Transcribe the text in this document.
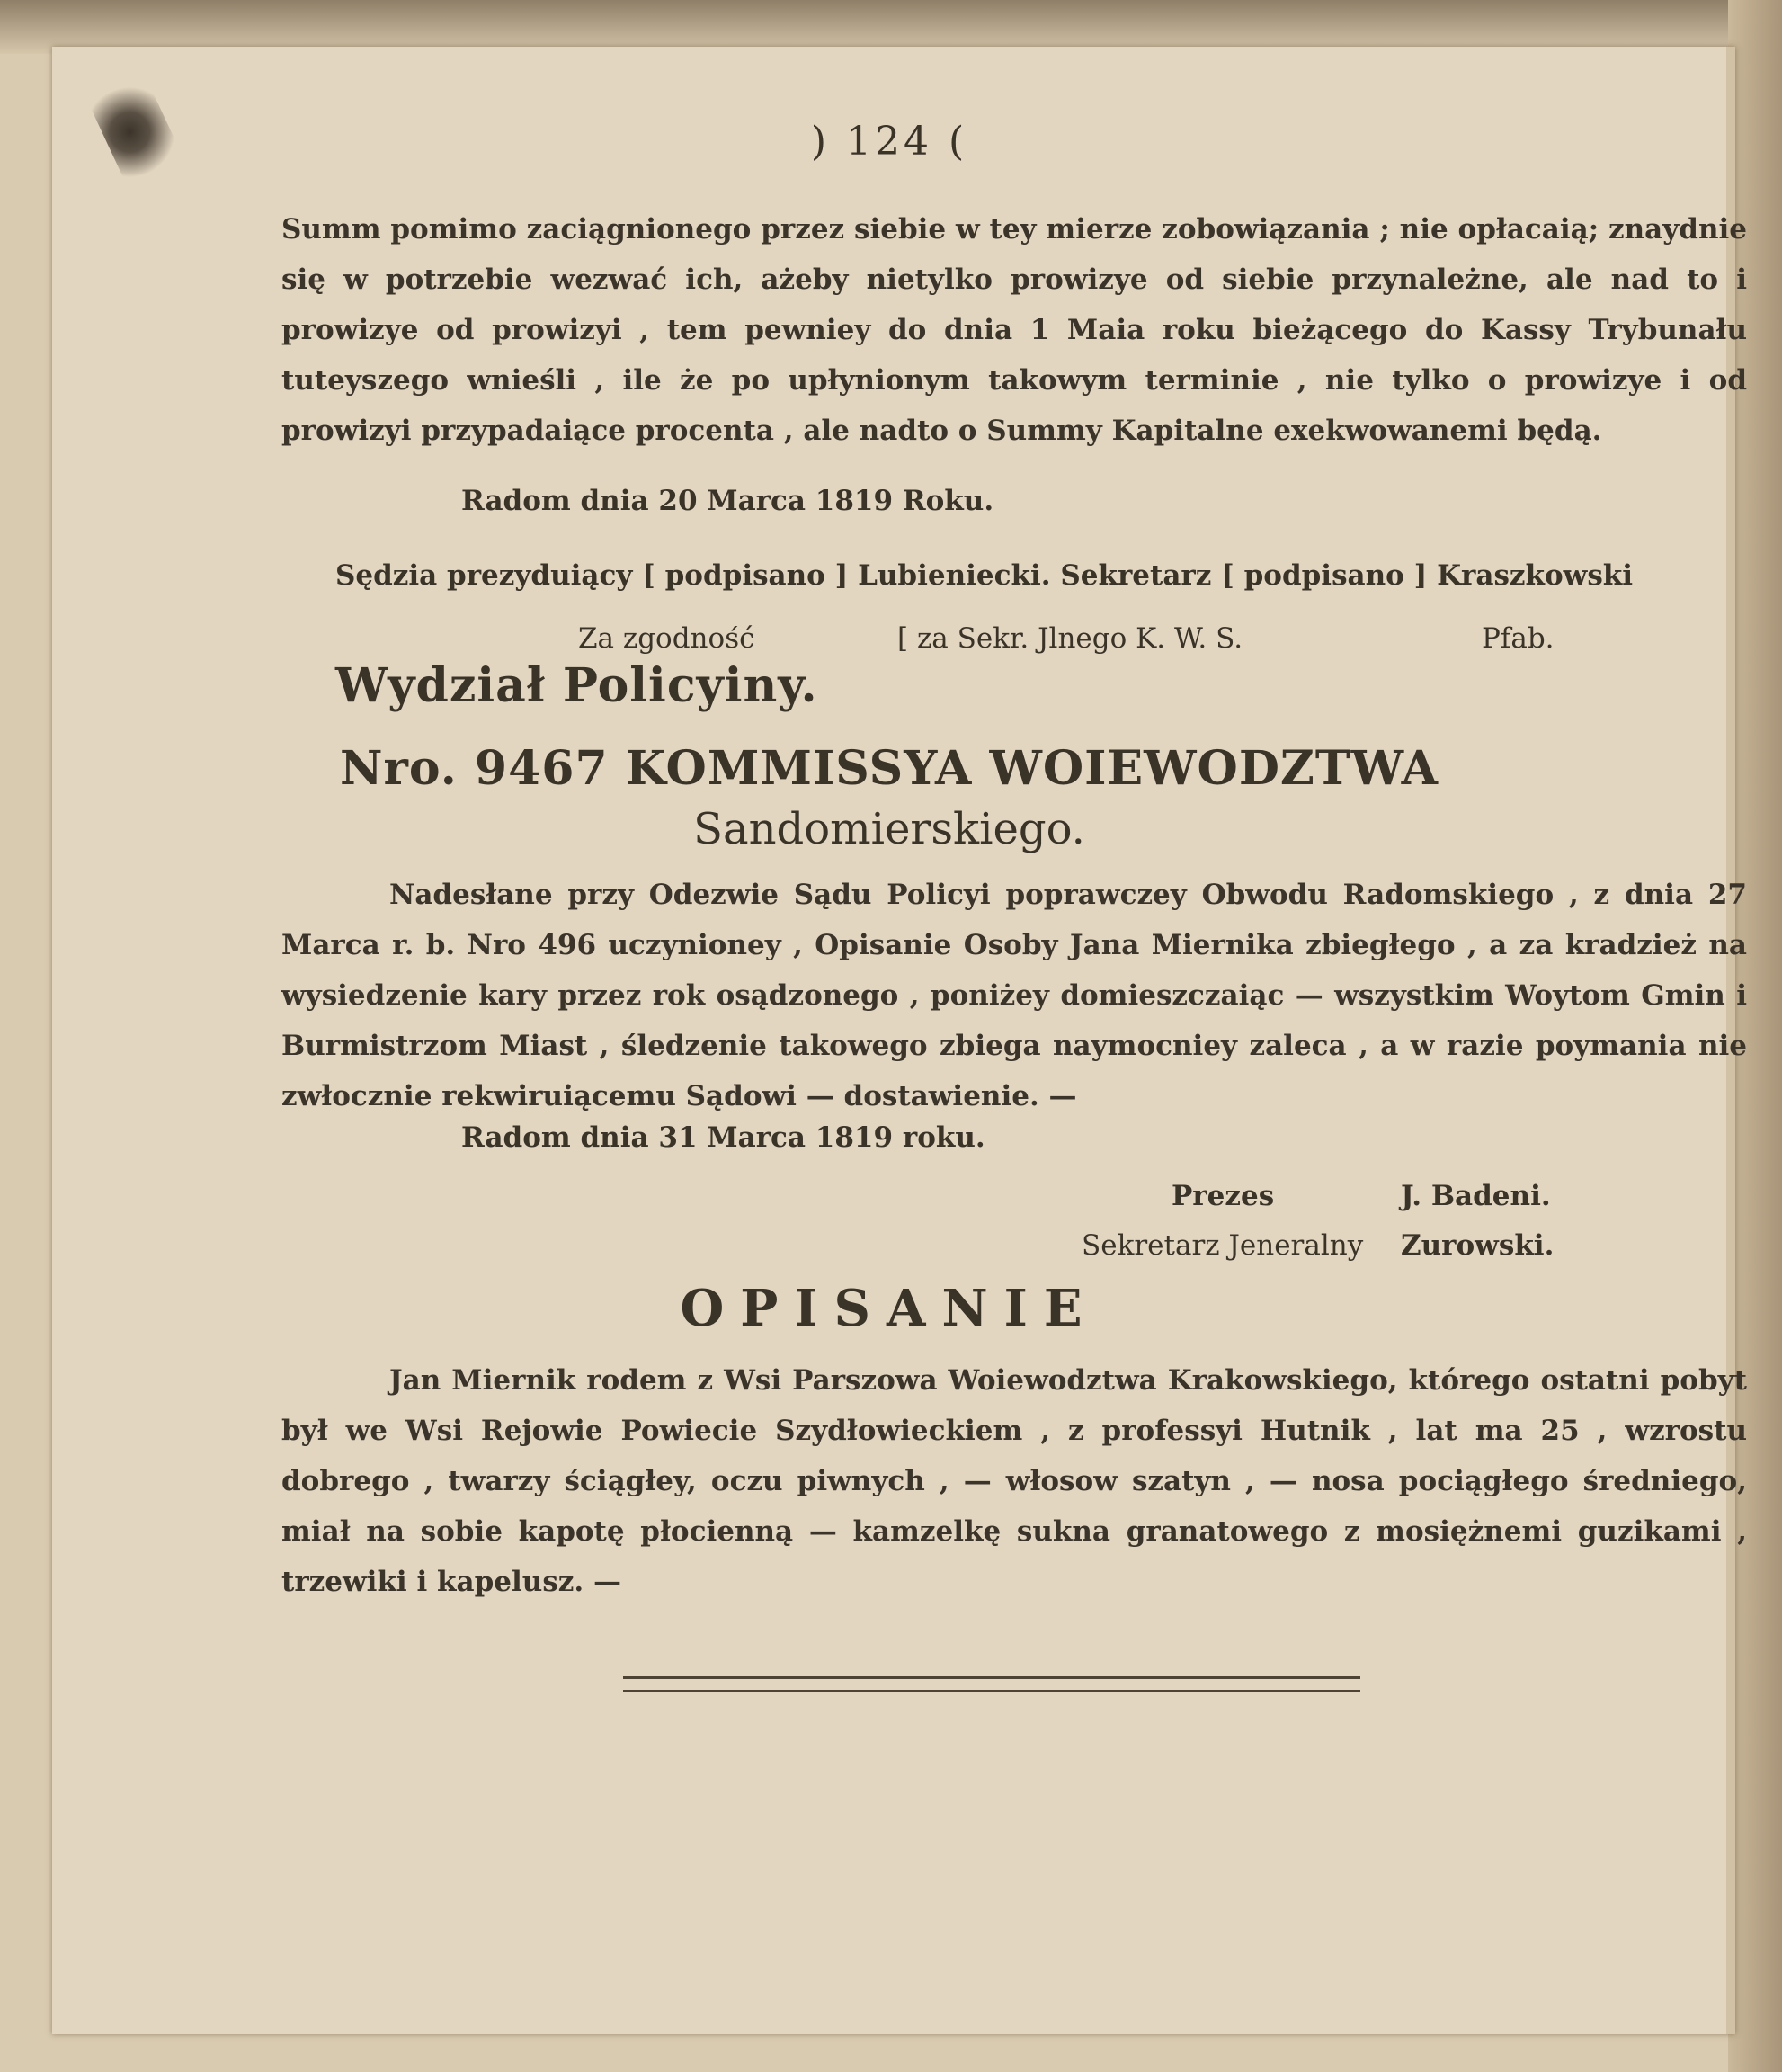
) 124 (
Summ pomimo zaciągnionego przez siebie w tey mierze zobowiązania ; nie opłacaią; znaydnie się w potrzebie wezwać ich, ażeby nietylko prowizye od siebie przynależne, ale nad to i prowizye od prowizyi , tem pewniey do dnia 1 Maia roku bieżącego do Kassy Trybunału tuteyszego wnieśli , ile że po upłynionym takowym terminie , nie tylko o prowizye i od prowizyi przypadaiące procenta , ale nadto o Summy Kapitalne exekwowanemi będą.
Radom dnia 20 Marca 1819 Roku.
Sędzia prezyduiący [ podpisano ] Lubieniecki. Sekretarz [ podpisano ] Kraszkowski
Za zgodność	[ za Sekr. Jlnego K. W. S.	Pfab.
Wydział Policyiny.
Nro. 9467 KOMMISSYA WOIEWODZTWA
Sandomierskiego.
Nadesłane przy Odezwie Sądu Policyi poprawczey Obwodu Radomskiego , z dnia 27 Marca r. b. Nro 496 uczynioney , Opisanie Osoby Jana Miernika zbiegłego , a za kradzież na wysiedzenie kary przez rok osądzonego , poniżey domieszczaiąc — wszystkim Woytom Gmin i Burmistrzom Miast , śledzenie takowego zbiega naymocniey zaleca , a w razie poymania nie zwłocznie rekwiruiącemu Sądowi — dostawienie. —
Radom dnia 31 Marca 1819 roku.
Prezes	J. Badeni.
Sekretarz Jeneralny Zurowski.
OPISANIE
Jan Miernik rodem z Wsi Parszowa Woiewodztwa Krakowskiego, którego ostatni pobyt był we Wsi Rejowie Powiecie Szydłowieckiem , z professyi Hutnik , lat ma 25 , wzrostu dobrego , twarzy ściągłey, oczu piwnych , — włosow szatyn , — nosa pociągłego średniego, miał na sobie kapotę płocienną — kamzelkę sukna granatowego z mosiężnemi guzikami , trzewiki i kapelusz. —
